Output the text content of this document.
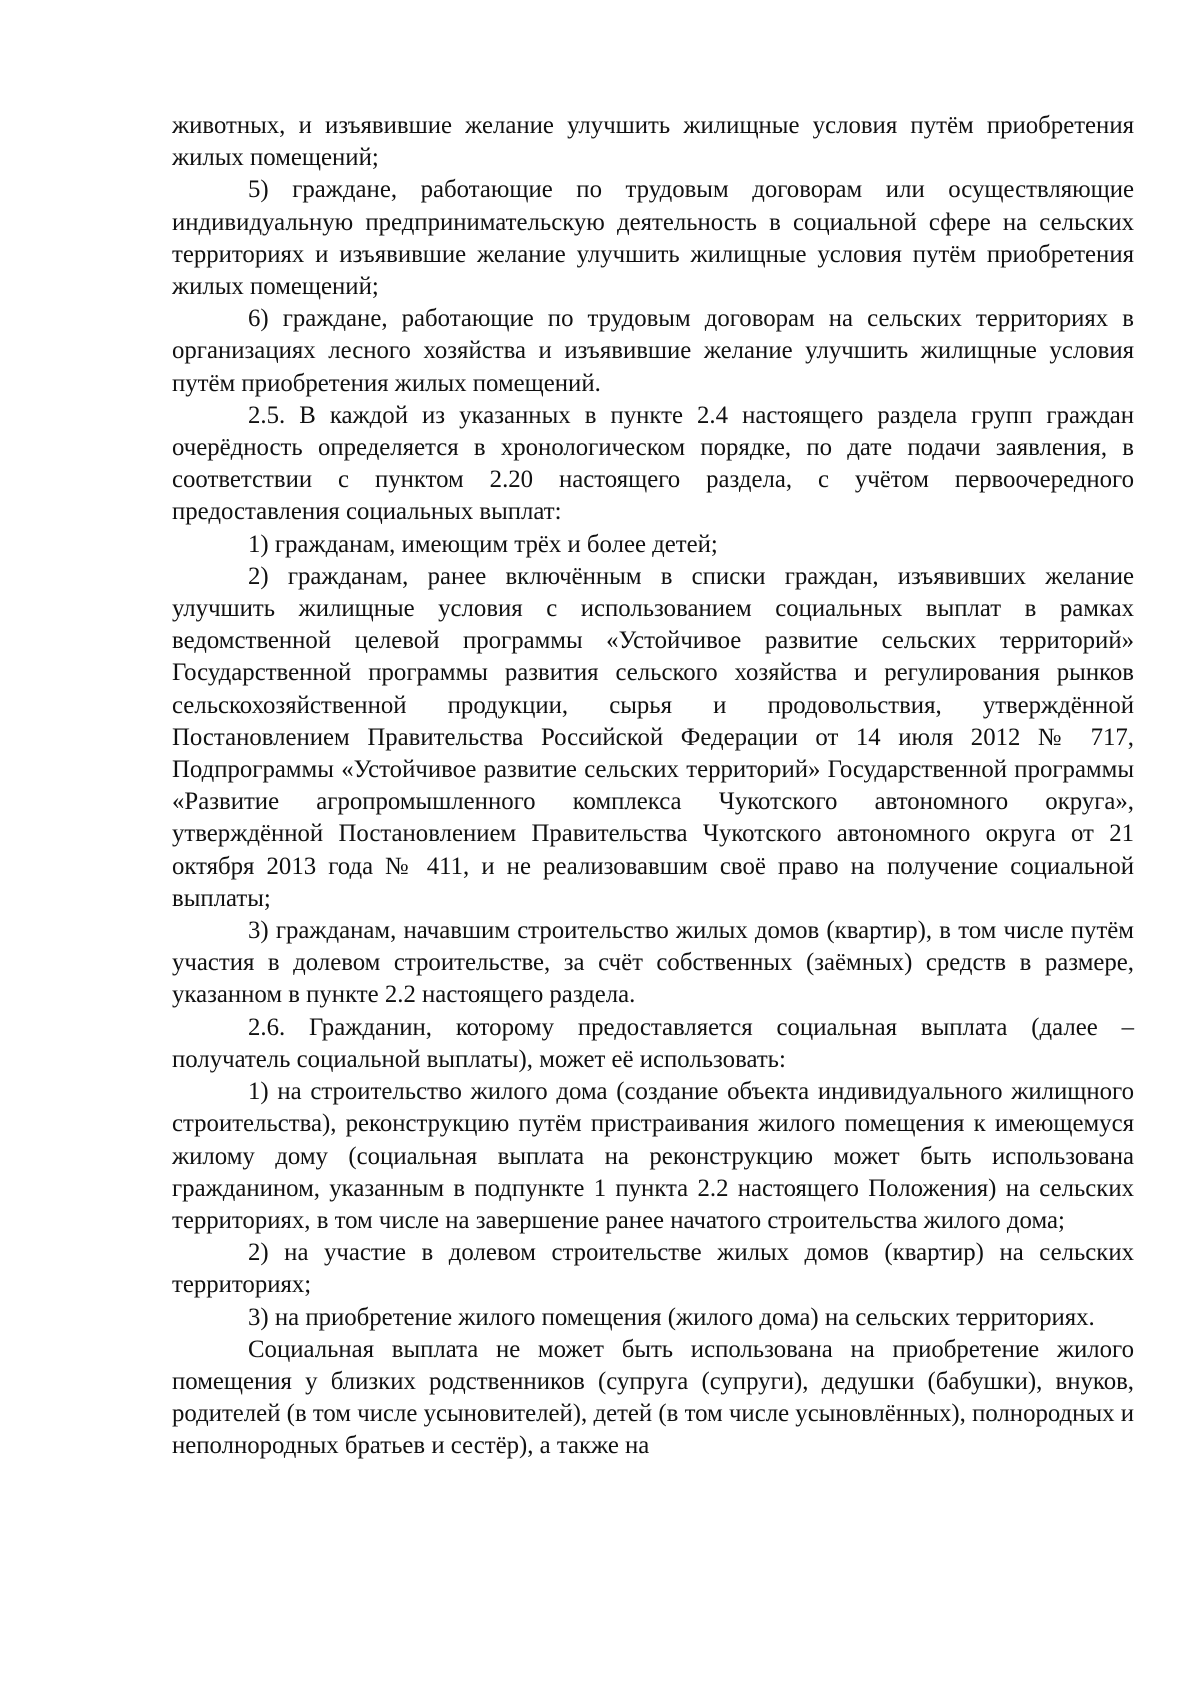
животных, и изъявившие желание улучшить жилищные условия путём приобретения жилых помещений;

5) граждане, работающие по трудовым договорам или осуществляющие индивидуальную предпринимательскую деятельность в социальной сфере на сельских территориях и изъявившие желание улучшить жилищные условия путём приобретения жилых помещений;

6) граждане, работающие по трудовым договорам на сельских территориях в организациях лесного хозяйства и изъявившие желание улучшить жилищные условия путём приобретения жилых помещений.

2.5. В каждой из указанных в пункте 2.4 настоящего раздела групп граждан очерёдность определяется в хронологическом порядке, по дате подачи заявления, в соответствии с пунктом 2.20 настоящего раздела, с учётом первоочередного предоставления социальных выплат:

1) гражданам, имеющим трёх и более детей;

2) гражданам, ранее включённым в списки граждан, изъявивших желание улучшить жилищные условия с использованием социальных выплат в рамках ведомственной целевой программы «Устойчивое развитие сельских территорий» Государственной программы развития сельского хозяйства и регулирования рынков сельскохозяйственной продукции, сырья и продовольствия, утверждённой Постановлением Правительства Российской Федерации от 14 июля 2012 № 717, Подпрограммы «Устойчивое развитие сельских территорий» Государственной программы «Развитие агропромышленного комплекса Чукотского автономного округа», утверждённой Постановлением Правительства Чукотского автономного округа от 21 октября 2013 года № 411, и не реализовавшим своё право на получение социальной выплаты;

3) гражданам, начавшим строительство жилых домов (квартир), в том числе путём участия в долевом строительстве, за счёт собственных (заёмных) средств в размере, указанном в пункте 2.2 настоящего раздела.

2.6. Гражданин, которому предоставляется социальная выплата (далее – получатель социальной выплаты), может её использовать:

1) на строительство жилого дома (создание объекта индивидуального жилищного строительства), реконструкцию путём пристраивания жилого помещения к имеющемуся жилому дому (социальная выплата на реконструкцию может быть использована гражданином, указанным в подпункте 1 пункта 2.2 настоящего Положения) на сельских территориях, в том числе на завершение ранее начатого строительства жилого дома;

2) на участие в долевом строительстве жилых домов (квартир) на сельских территориях;

3) на приобретение жилого помещения (жилого дома) на сельских территориях.

Социальная выплата не может быть использована на приобретение жилого помещения у близких родственников (супруга (супруги), дедушки (бабушки), внуков, родителей (в том числе усыновителей), детей (в том числе усыновлённых), полнородных и неполнородных братьев и сестёр), а также на
